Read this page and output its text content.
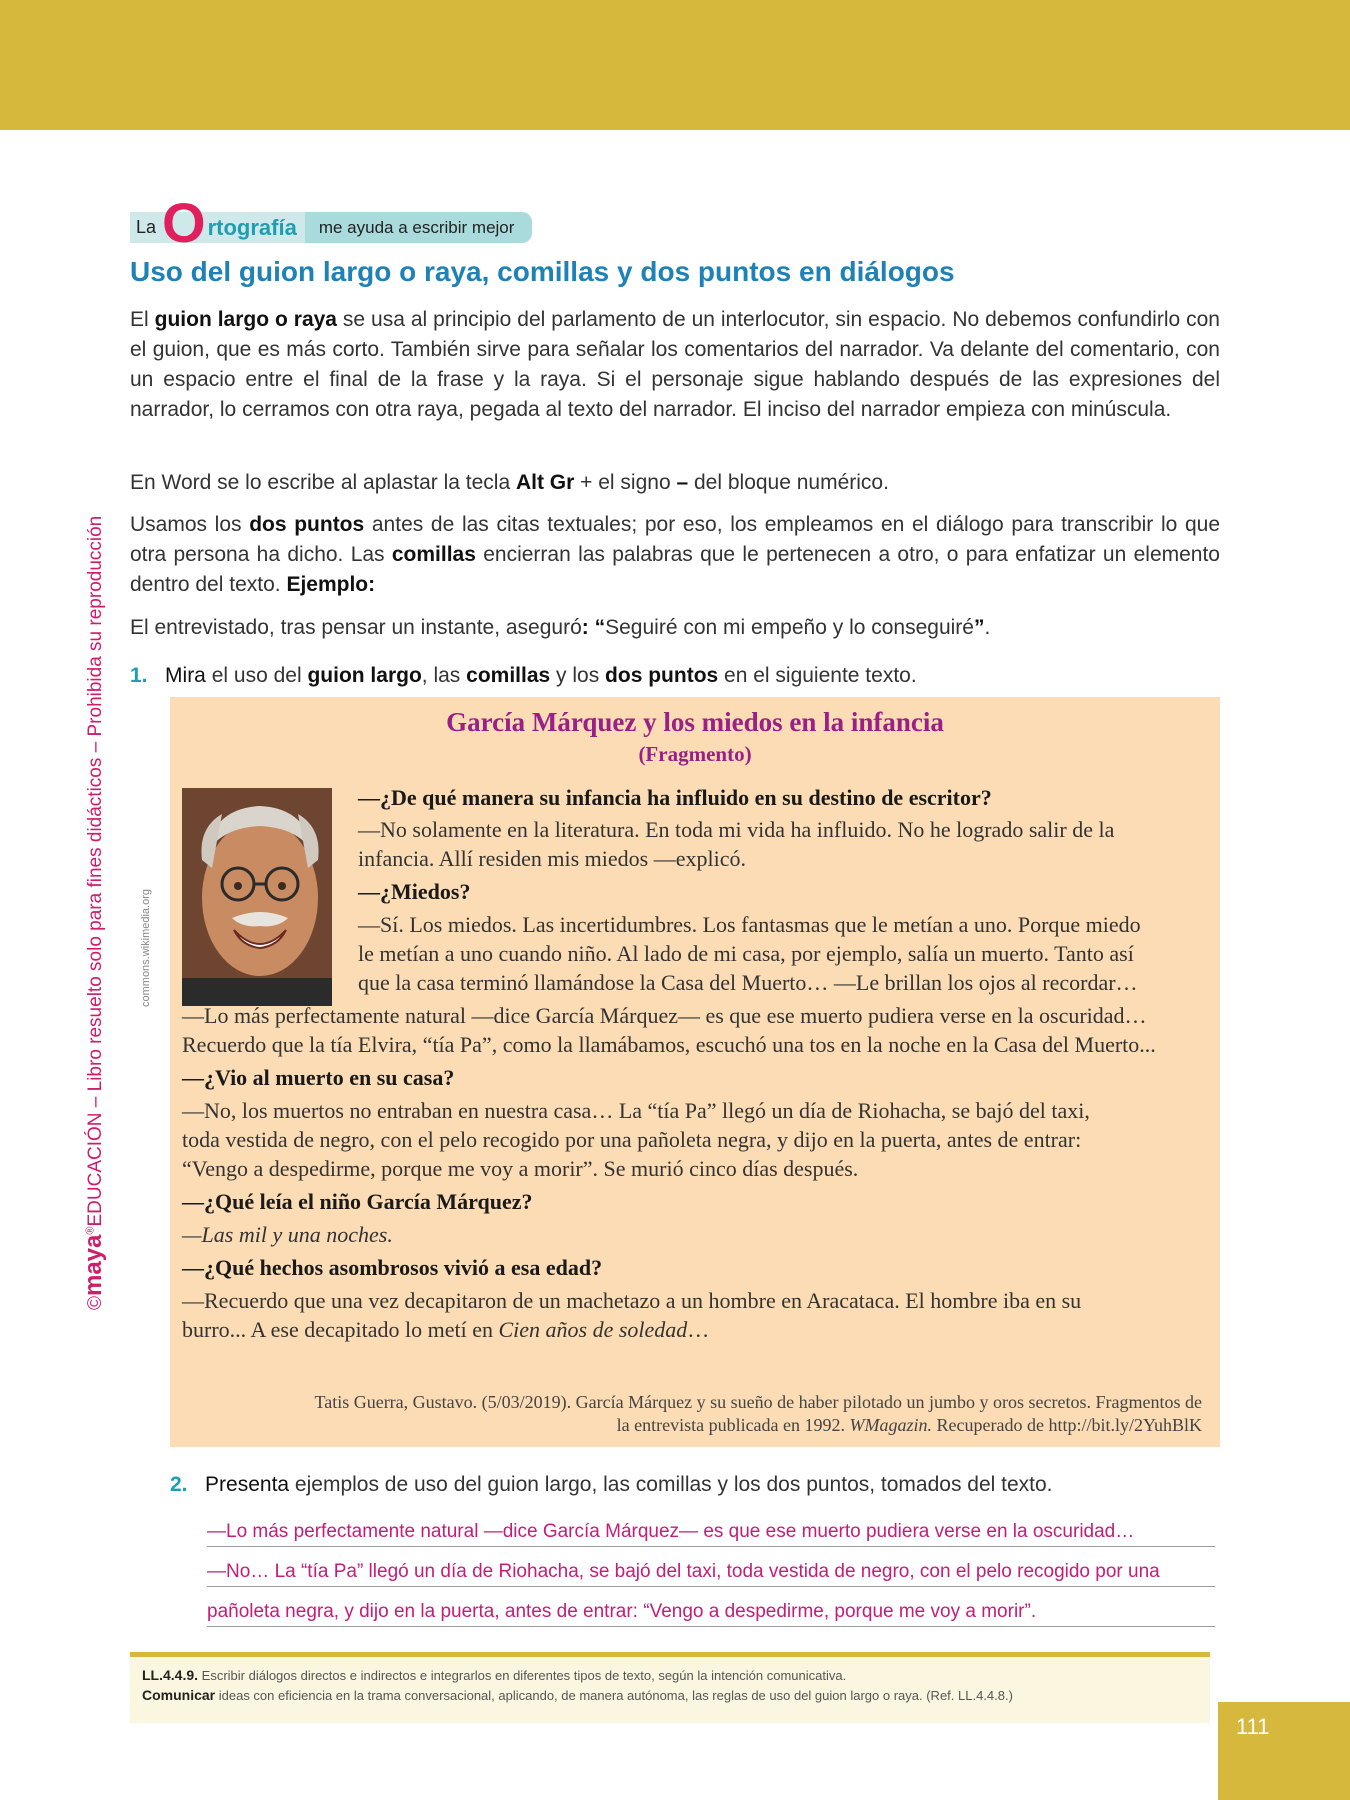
©maya®EDUCACIÓN – Libro resuelto solo para fines didácticos – Prohibida su reproducción
La O rtografía	me ayuda a escribir mejor
Uso del guion largo o raya, comillas y dos puntos en diálogos
El guion largo o raya se usa al principio del parlamento de un interlocutor, sin espacio. No debemos confundirlo con el guion, que es más corto. También sirve para señalar los comentarios del narrador. Va delante del comentario, con un espacio entre el final de la frase y la raya. Si el personaje sigue hablando después de las expresiones del narrador, lo cerramos con otra raya, pegada al texto del narrador. El inciso del narrador empieza con minúscula.
En Word se lo escribe al aplastar la tecla Alt Gr + el signo – del bloque numérico.
Usamos los dos puntos antes de las citas textuales; por eso, los empleamos en el diálogo para transcribir lo que otra persona ha dicho. Las comillas encierran las palabras que le pertenecen a otro, o para enfatizar un elemento dentro del texto. Ejemplo:
El entrevistado, tras pensar un instante, aseguró: “Seguiré con mi empeño y lo conseguiré”.
1. Mira el uso del guion largo, las comillas y los dos puntos en el siguiente texto.
García Márquez y los miedos en la infancia
(Fragmento)
commons.wikimedia.org
—¿De qué manera su infancia ha influido en su destino de escritor?
—No solamente en la literatura. En toda mi vida ha influido. No he logrado salir de la
infancia. Allí residen mis miedos —explicó.
—¿Miedos?
—Sí. Los miedos. Las incertidumbres. Los fantasmas que le metían a uno. Porque miedo
le metían a uno cuando niño. Al lado de mi casa, por ejemplo, salía un muerto. Tanto así
que la casa terminó llamándose la Casa del Muerto… —Le brillan los ojos al recordar…
—Lo más perfectamente natural —dice García Márquez— es que ese muerto pudiera verse en la oscuridad…
Recuerdo que la tía Elvira, “tía Pa”, como la llamábamos, escuchó una tos en la noche en la Casa del Muerto...
—¿Vio al muerto en su casa?
—No, los muertos no entraban en nuestra casa… La “tía Pa” llegó un día de Riohacha, se bajó del taxi,
toda vestida de negro, con el pelo recogido por una pañoleta negra, y dijo en la puerta, antes de entrar:
“Vengo a despedirme, porque me voy a morir”. Se murió cinco días después.
—¿Qué leía el niño García Márquez?
—Las mil y una noches.
—¿Qué hechos asombrosos vivió a esa edad?
—Recuerdo que una vez decapitaron de un machetazo a un hombre en Aracataca. El hombre iba en su
burro... A ese decapitado lo metí en Cien años de soledad…
Tatis Guerra, Gustavo. (5/03/2019). García Márquez y su sueño de haber pilotado un jumbo y oros secretos. Fragmentos de
la entrevista publicada en 1992. WMagazin. Recuperado de http://bit.ly/2YuhBlK
2. Presenta ejemplos de uso del guion largo, las comillas y los dos puntos, tomados del texto.
—Lo más perfectamente natural —dice García Márquez— es que ese muerto pudiera verse en la oscuridad…
—No… La “tía Pa” llegó un día de Riohacha, se bajó del taxi, toda vestida de negro, con el pelo recogido por una
pañoleta negra, y dijo en la puerta, antes de entrar: “Vengo a despedirme, porque me voy a morir”.
LL.4.4.9. Escribir diálogos directos e indirectos e integrarlos en diferentes tipos de texto, según la intención comunicativa.
Comunicar ideas con eficiencia en la trama conversacional, aplicando, de manera autónoma, las reglas de uso del guion largo o raya. (Ref. LL.4.4.8.)
111
